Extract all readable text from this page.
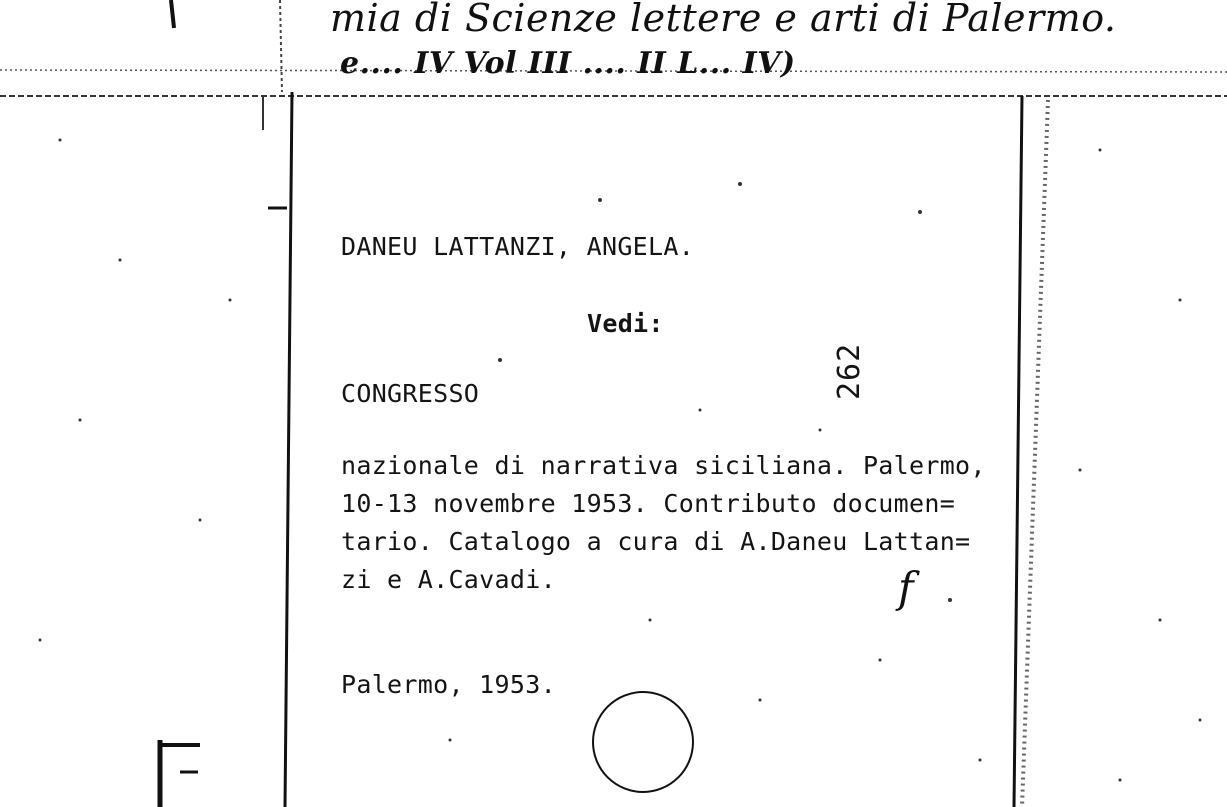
mia di Scienze lettere e arti di Palermo.
e.... IV Vol III .... II L... IV)
DANEU LATTANZI, ANGELA.
Vedi:
CONGRESSO	262
nazionale di narrativa siciliana. Palermo,
10-13 novembre 1953. Contributo documen=
tario. Catalogo a cura di A.Daneu Lattan=
zi e A.Cavadi.	f
Palermo, 1953.
